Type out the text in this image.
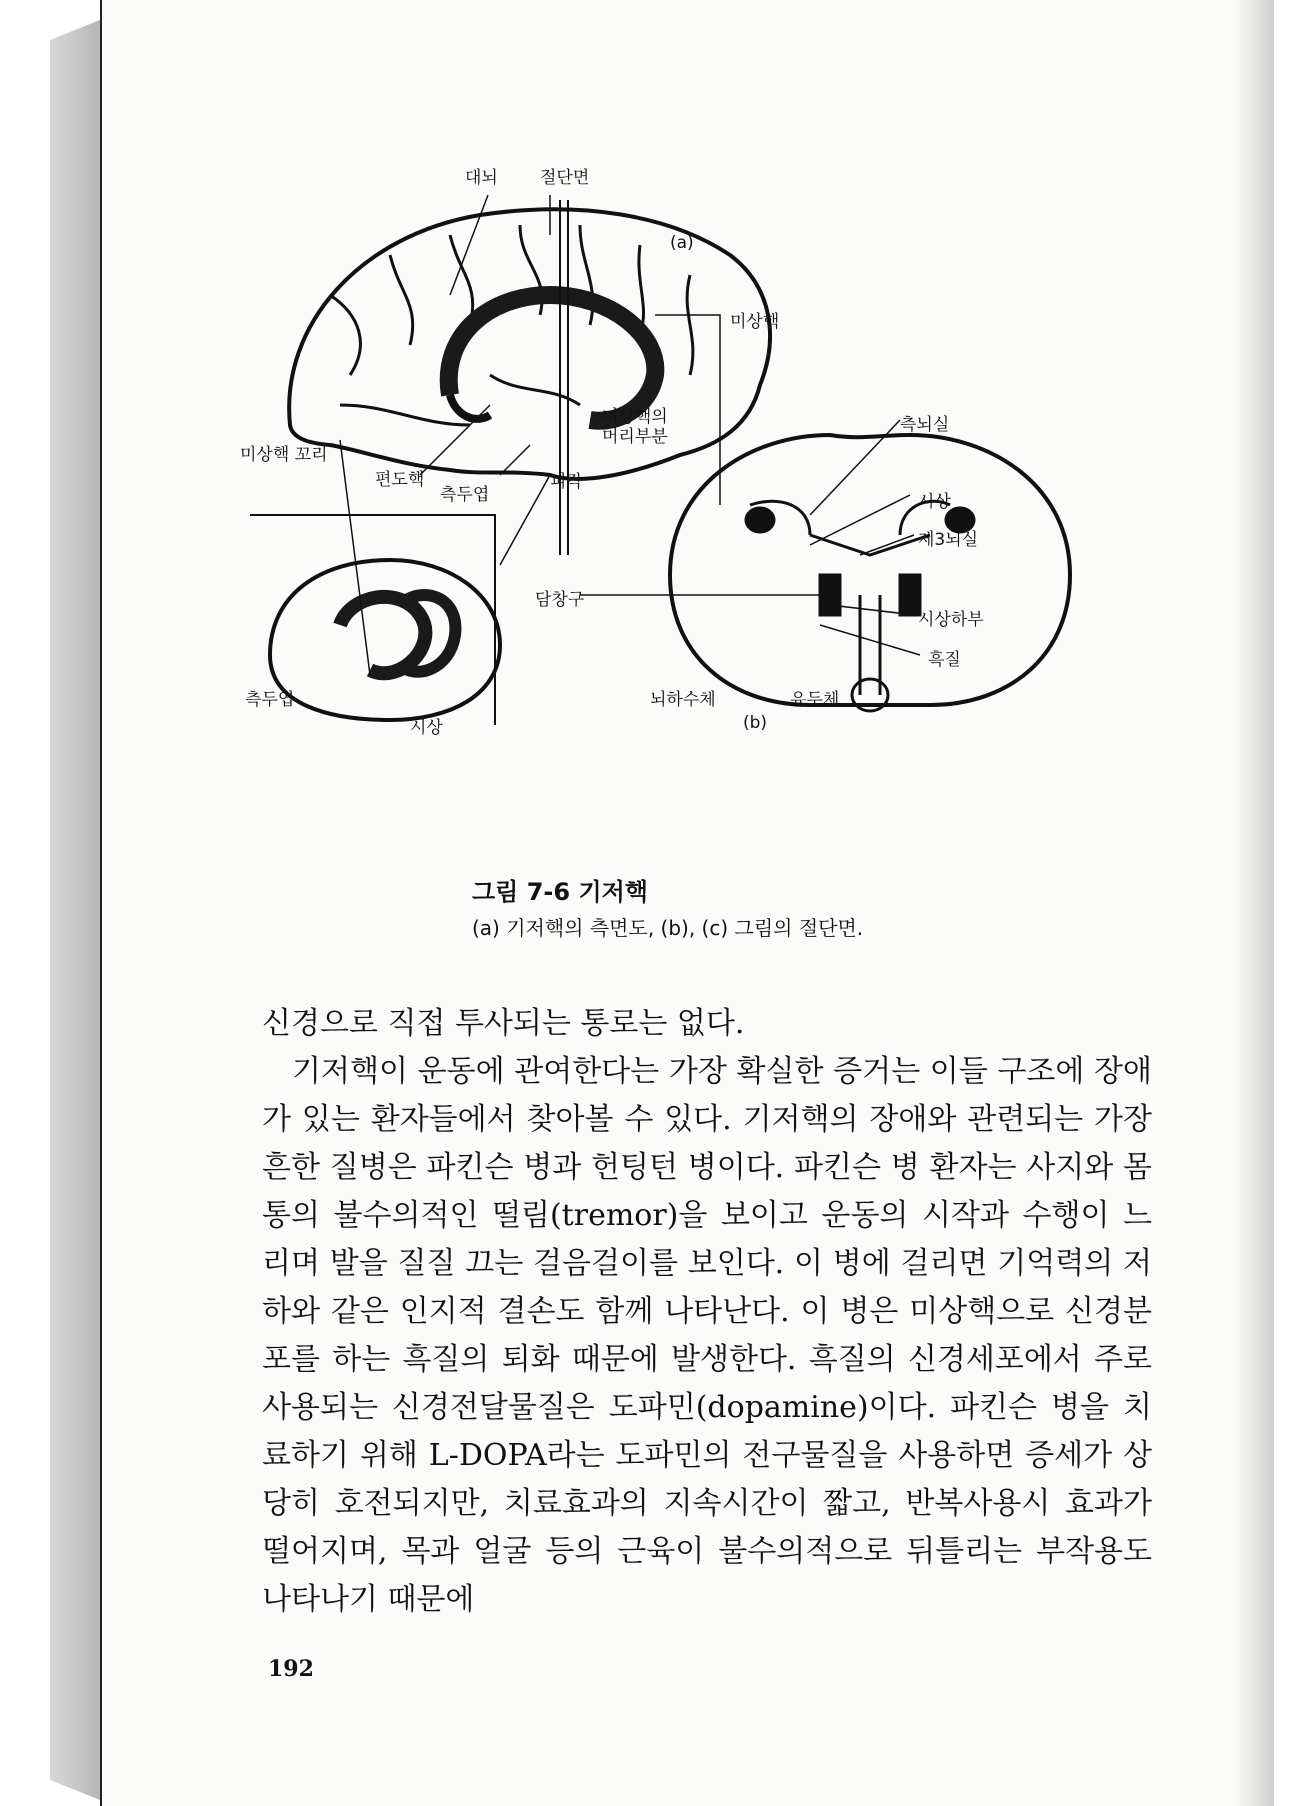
대뇌 절단면
(a)
미상핵
미상핵의
머리부분
측뇌실
미상핵 꼬리
편도핵
측두엽
피각
시상
제3뇌실
담창구
시상하부
흑질
측두엽
시상
뇌하수체	유두체
(b)
그림 7-6 기저핵
(a) 기저핵의 측면도, (b), (c) 그림의 절단면.

신경으로 직접 투사되는 통로는 없다.

기저핵이 운동에 관여한다는 가장 확실한 증거는 이들 구조에 장애가 있는 환자들에서 찾아볼 수 있다. 기저핵의 장애와 관련되는 가장 흔한 질병은 파킨슨 병과 헌팅턴 병이다. 파킨슨 병 환자는 사지와 몸통의 불수의적인 떨림(tremor)을 보이고 운동의 시작과 수행이 느리며 발을 질질 끄는 걸음걸이를 보인다. 이 병에 걸리면 기억력의 저하와 같은 인지적 결손도 함께 나타난다. 이 병은 미상핵으로 신경분포를 하는 흑질의 퇴화 때문에 발생한다. 흑질의 신경세포에서 주로 사용되는 신경전달물질은 도파민(dopamine)이다. 파킨슨 병을 치료하기 위해 L-DOPA라는 도파민의 전구물질을 사용하면 증세가 상당히 호전되지만, 치료효과의 지속시간이 짧고, 반복사용시 효과가 떨어지며, 목과 얼굴 등의 근육이 불수의적으로 뒤틀리는 부작용도 나타나기 때문에

192
